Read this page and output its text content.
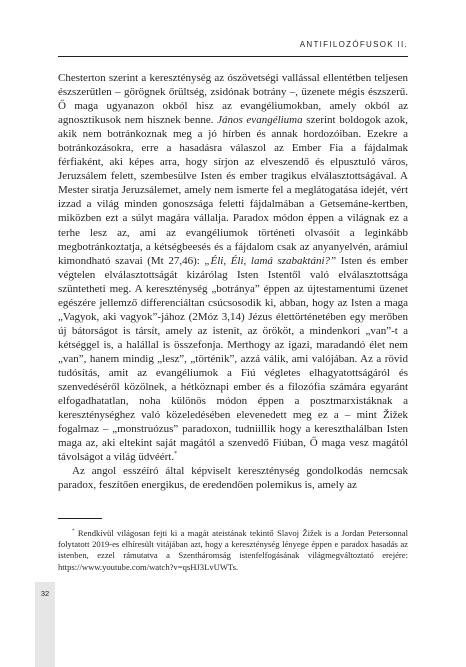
ANTIFILOZÓFUSOK II.

Chesterton szerint a kereszténység az ószövetségi vallással ellentétben teljesen észszerűtlen – görögnek őrültség, zsidónak botrány –, üzenete mégis észszerű. Ő maga ugyanazon okból hisz az evangéliumokban, amely okból az agnosztikusok nem hisznek benne. János evangéliuma szerint boldogok azok, akik nem botránkoznak meg a jó hírben és annak hordozóiban. Ezekre a botránkozásokra, erre a hasadásra válaszol az Ember Fia a fájdalmak férfiaként, aki képes arra, hogy sírjon az elveszendő és elpusztuló város, Jeruzsálem felett, szembesülve Isten és ember tragikus elválasztottságával. A Mester siratja Jeruzsálemet, amely nem ismerte fel a meglátogatása idejét, vért izzad a világ minden gonoszsága feletti fájdalmában a Getsemáne-kertben, miközben ezt a súlyt magára vállalja. Paradox módon éppen a világnak ez a terhe lesz az, ami az evangéliumok történeti olvasóit a leginkább megbotránkoztatja, a kétségbeesés és a fájdalom csak az anyanyelvén, arámiul kimondható szavai (Mt 27,46): „Éli, Éli, lamá szabaktáni?” Isten és ember végtelen elválasztottságát kizárólag Isten Istentől való elválasztottsága szüntetheti meg. A kereszténység „botránya” éppen az újtestamentumi üzenet egészére jellemző differenciáltan csúcsosodik ki, abban, hogy az Isten a maga „Vagyok, aki vagyok”-jához (2Móz 3,14) Jézus élettörténetében egy merőben új bátorságot is társít, amely az istenit, az örököt, a mindenkori „van”-t a kétséggel is, a halállal is összefonja. Merthogy az igazi, maradandó élet nem „van”, hanem mindig „lesz”, „történik”, azzá válik, ami valójában. Az a rövid tudósítás, amit az evangéliumok a Fiú végletes elhagyatottságáról és szenvedéséről közölnek, a hétköznapi ember és a filozófia számára egyaránt elfogadhatatlan, noha különös módon éppen a posztmarxistáknak a kereszténységhez való közeledésében elevenedett meg ez a – mint Žižek fogalmaz – „monstruózus” paradoxon, tudniillik hogy a kereszthalálban Isten maga az, aki eltekint saját magától a szenvedő Fiúban, Ő maga vesz magától távolságot a világ üdvéért.*

Az angol esszéíró által képviselt kereszténység gondolkodás nemcsak paradox, feszítően energikus, de eredendően polemikus is, amely az

* Rendkívül világosan fejti ki a magát ateistának tekintő Slavoj Žižek is a Jordan Petersonnal folytatott 2019-es elhíresült vitájában azt, hogy a kereszténység lényege éppen e paradox hasadás az istenben, ezzel rámutatva a Szentháromság istenfelfogásának világmegváltoztató erejére: https://www.youtube.com/watch?v=qsHJ3LvUWTs.

32
